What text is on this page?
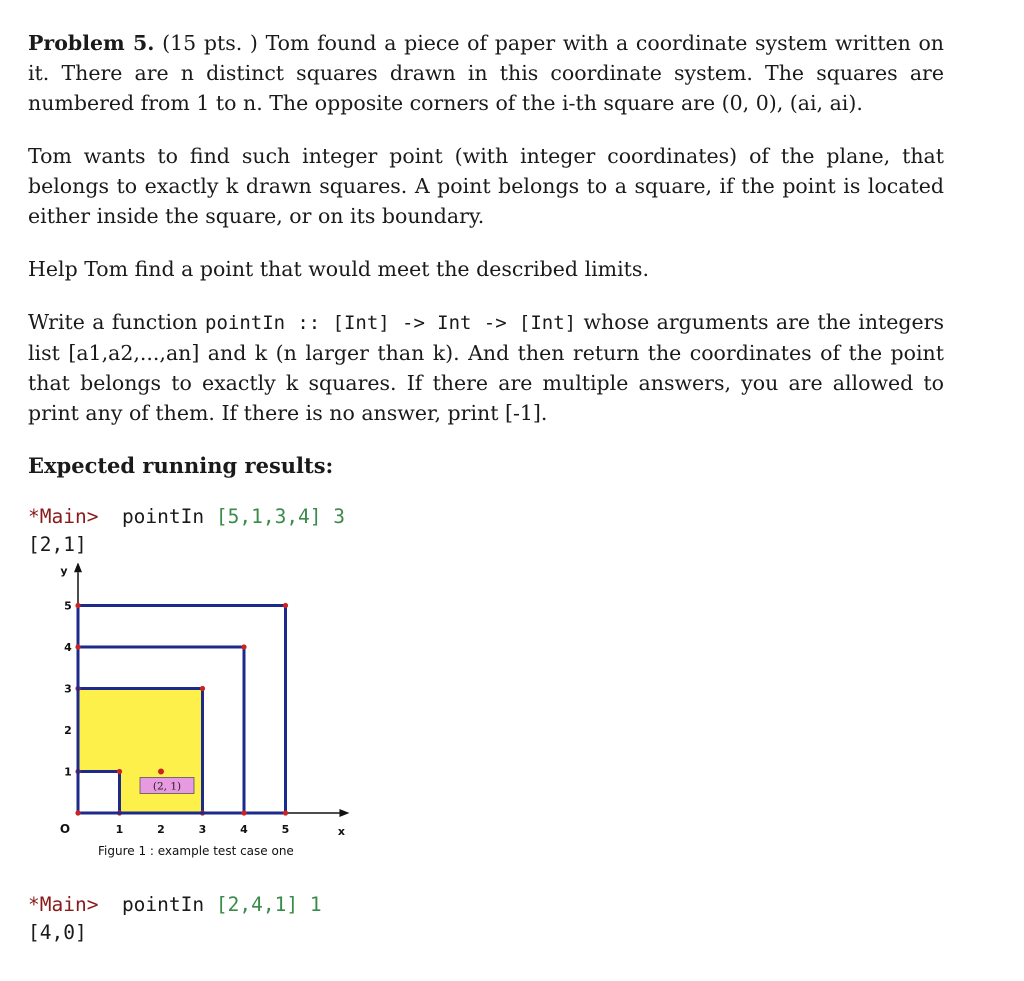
Problem 5. (15 pts. ) Tom found a piece of paper with a coordinate system written on it. There are n distinct squares drawn in this coordinate system. The squares are numbered from 1 to n. The opposite corners of the i-th square are (0, 0), (ai, ai).

Tom wants to find such integer point (with integer coordinates) of the plane, that belongs to exactly k drawn squares. A point belongs to a square, if the point is located either inside the square, or on its boundary.

Help Tom find a point that would meet the described limits.

Write a function pointIn :: [Int] -> Int -> [Int] whose arguments are the integers list [a1,a2,...,an] and k (n larger than k). And then return the coordinates of the point that belongs to exactly k squares. If there are multiple answers, you are allowed to print any of them. If there is no answer, print [-1].

Expected running results:
*Main> pointIn [5,1,3,4] 3
[2,1]
1	2	3	4	5
1
2
3
4
5
O	x
y
(2, 1)
Figure 1 : example test case one
*Main> pointIn [2,4,1] 1
[4,0]
